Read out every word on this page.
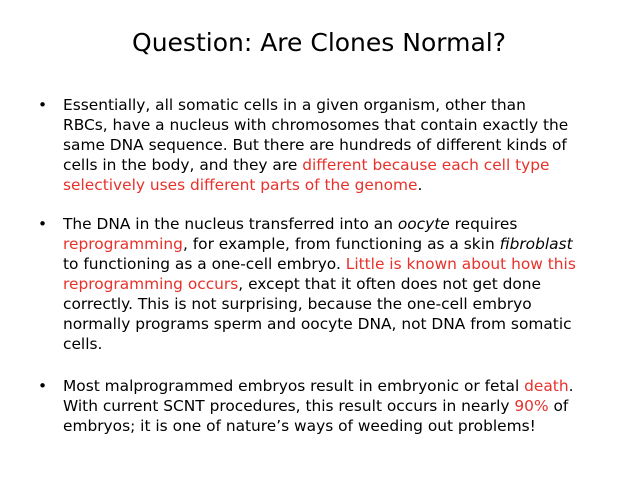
Question: Are Clones Normal?
• Essentially, all somatic cells in a given organism, other than
RBCs, have a nucleus with chromosomes that contain exactly the
same DNA sequence. But there are hundreds of different kinds of
cells in the body, and they are different because each cell type
selectively uses different parts of the genome.
• The DNA in the nucleus transferred into an oocyte requires
reprogramming, for example, from functioning as a skin fibroblast
to functioning as a one-cell embryo. Little is known about how this
reprogramming occurs, except that it often does not get done
correctly. This is not surprising, because the one-cell embryo
normally programs sperm and oocyte DNA, not DNA from somatic
cells.
• Most malprogrammed embryos result in embryonic or fetal death.
With current SCNT procedures, this result occurs in nearly 90% of
embryos; it is one of nature’s ways of weeding out problems!
